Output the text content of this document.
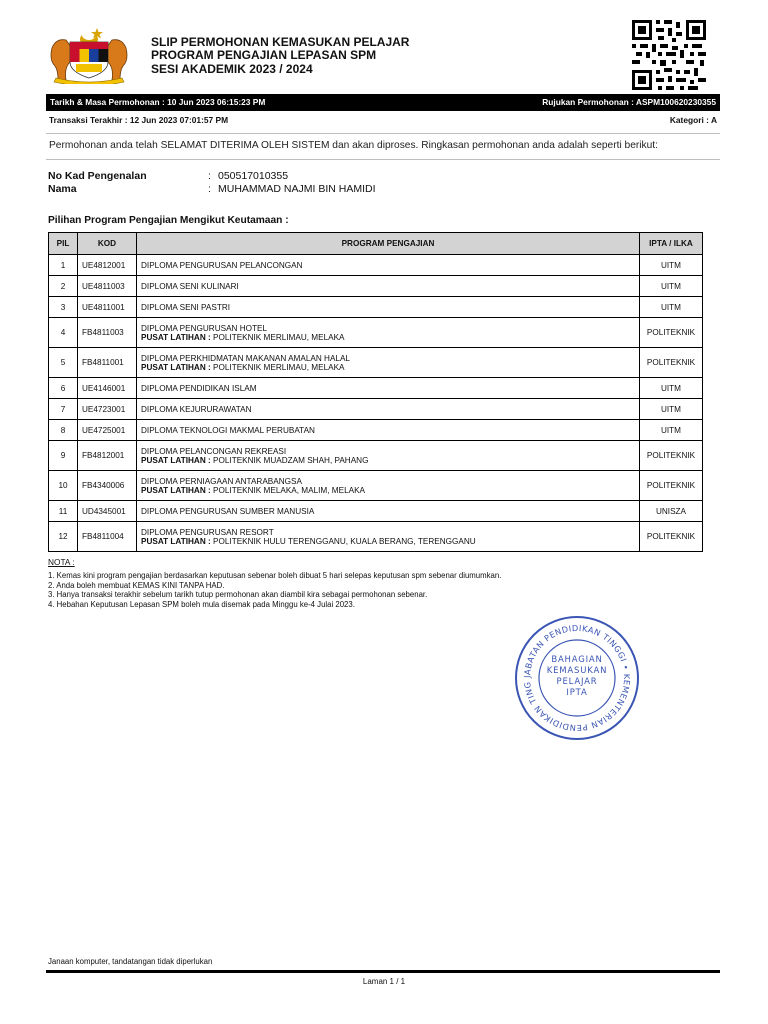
SLIP PERMOHONAN KEMASUKAN PELAJAR
PROGRAM PENGAJIAN LEPASAN SPM
SESI AKADEMIK 2023 / 2024
Tarikh & Masa Permohonan : 10 Jun 2023 06:15:23 PM	Rujukan Permohonan : ASPM100620230355
Transaksi Terakhir : 12 Jun 2023 07:01:57 PM	Kategori : A
Permohonan anda telah SELAMAT DITERIMA OLEH SISTEM dan akan diproses. Ringkasan permohonan anda adalah seperti berikut:
No Kad Pengenalan	: 050517010355
Nama	: MUHAMMAD NAJMI BIN HAMIDI
Pilihan Program Pengajian Mengikut Keutamaan :
PIL	KOD	PROGRAM PENGAJIAN	IPTA / ILKA
1	UE4812001	DIPLOMA PENGURUSAN PELANCONGAN	UITM
2	UE4811003	DIPLOMA SENI KULINARI	UITM
3	UE4811001	DIPLOMA SENI PASTRI	UITM
4	FB4811003	DIPLOMA PENGURUSAN HOTEL
PUSAT LATIHAN : POLITEKNIK MERLIMAU, MELAKA	POLITEKNIK
5	FB4811001	DIPLOMA PERKHIDMATAN MAKANAN AMALAN HALAL
PUSAT LATIHAN : POLITEKNIK MERLIMAU, MELAKA	POLITEKNIK
6	UE4146001	DIPLOMA PENDIDIKAN ISLAM	UITM
7	UE4723001	DIPLOMA KEJURURAWATAN	UITM
8	UE4725001	DIPLOMA TEKNOLOGI MAKMAL PERUBATAN	UITM
9	FB4812001	DIPLOMA PELANCONGAN REKREASI
PUSAT LATIHAN : POLITEKNIK MUADZAM SHAH, PAHANG	POLITEKNIK
10	FB4340006	DIPLOMA PERNIAGAAN ANTARABANGSA
PUSAT LATIHAN : POLITEKNIK MELAKA, MALIM, MELAKA	POLITEKNIK
11	UD4345001	DIPLOMA PENGURUSAN SUMBER MANUSIA	UNISZA
12	FB4811004	DIPLOMA PENGURUSAN RESORT
PUSAT LATIHAN : POLITEKNIK HULU TERENGGANU, KUALA BERANG, TERENGGANU	POLITEKNIK
NOTA :
1. Kemas kini program pengajian berdasarkan keputusan sebenar boleh dibuat 5 hari selepas keputusan spm sebenar diumumkan.
2. Anda boleh membuat KEMAS KINI TANPA HAD.
3. Hanya transaksi terakhir sebelum tarikh tutup permohonan akan diambil kira sebagai permohonan sebenar.
4. Hebahan Keputusan Lepasan SPM boleh mula disemak pada Minggu ke-4 Julai 2023.
JABATAN PENDIDIKAN TINGGI • KEMENTERIAN PENDIDIKAN TING
BAHAGIAN
KEMASUKAN
PELAJAR
IPTA
Janaan komputer, tandatangan tidak diperlukan
Laman 1 / 1
